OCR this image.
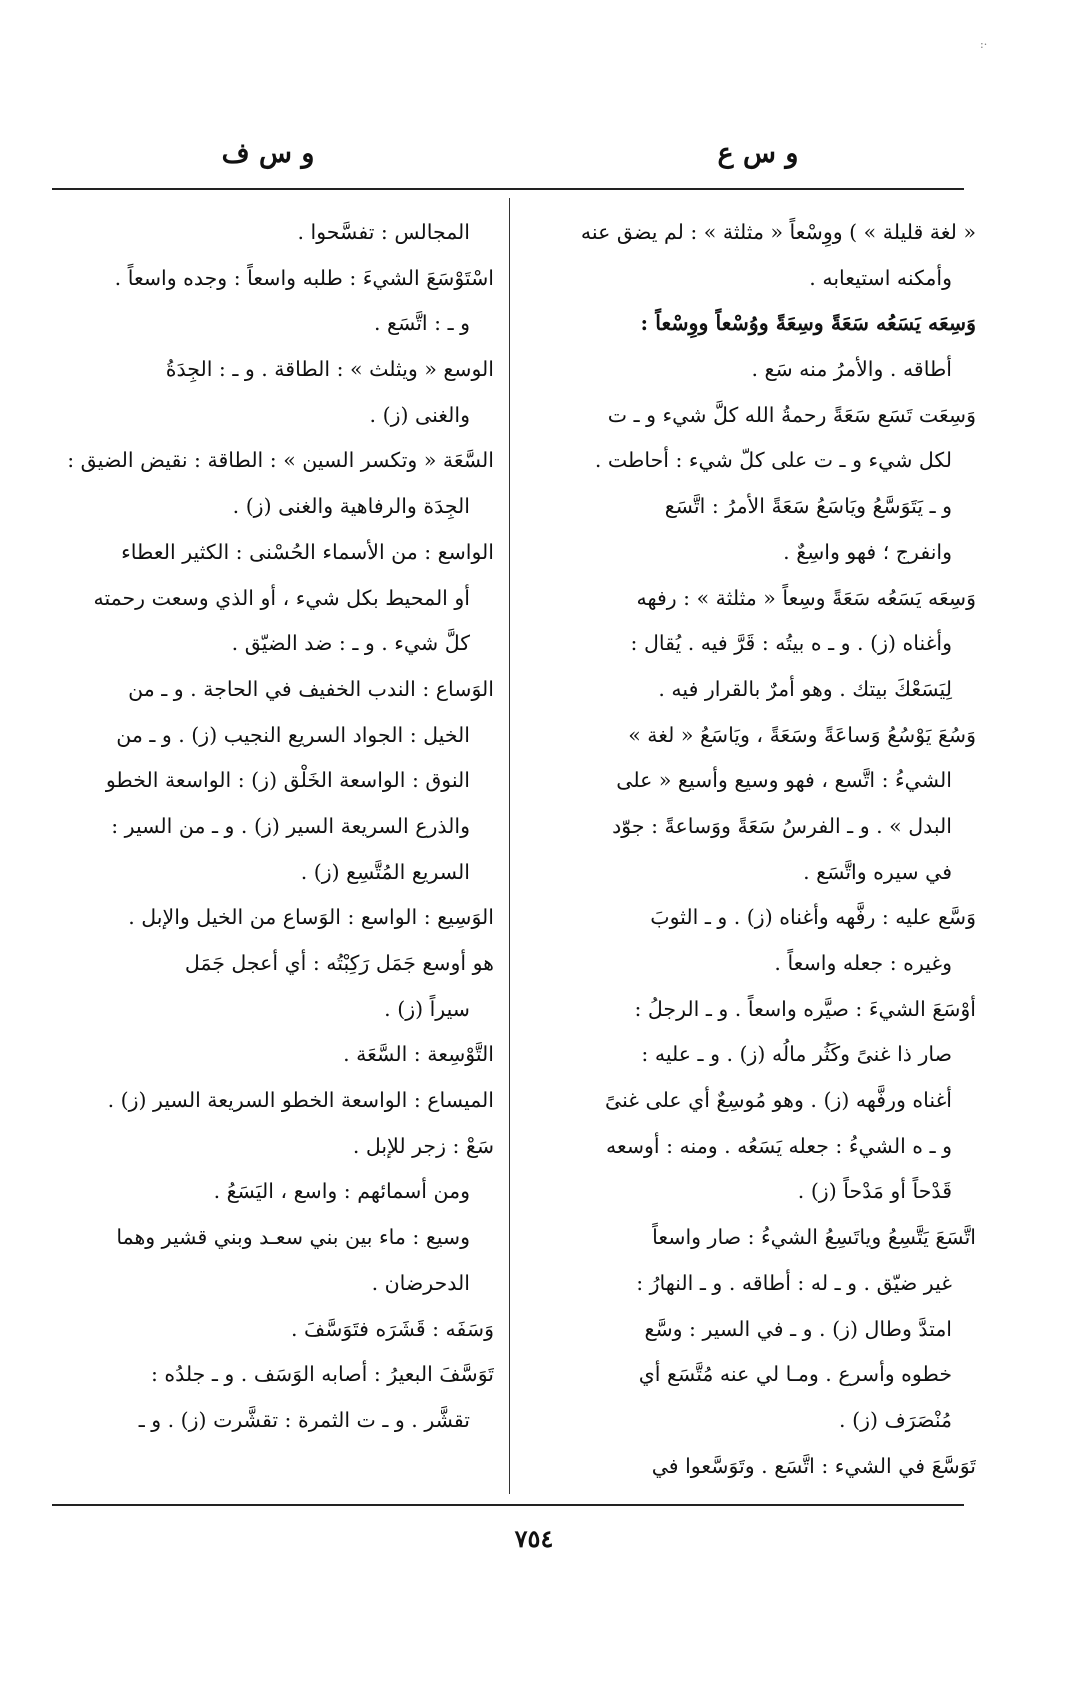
·:
و س ع
و س ف
« لغة قليلة » ) ووِسْعاً « مثلثة » : لم يضق عنه
وأمكنه استيعابه .
وَسِعَه يَسَعُه سَعَةً وسِعَةً ووُسْعاً ووِسْعاً :
أطاقه . والأمرُ منه سَع .
وَسِعَت تَسَع سَعَةً رحمةُ الله كلَّ شيء و ـ ت
لكل شيء و ـ ت على كلّ شيء : أحاطت .
و ـ يَتَوَسَّعُ ويَاسَعُ سَعَةً الأمرُ : اتَّسَع
وانفرج ؛ فهو واسِعٌ .
وَسِعَه يَسَعُه سَعَةً وسِعاً « مثلثة » : رفهه
وأغناه (ز) . و ـ ه بيتُه : قَرَّ فيه . يُقال :
لِيَسَعْكَ بيتك . وهو أمرٌ بالقرار فيه .
وَسُعَ يَوْسُعُ وَساعَةً وسَعَةً ، ويَاسَعُ « لغة »
الشيءُ : اتَّسع ، فهو وسيع وأسيع « على
البدل » . و ـ الفرسُ سَعَةً ووَساعةً : جوّد
في سيره واتَّسَع .
وَسَّع عليه : رفَّهه وأغناه (ز) . و ـ الثوبَ
وغيره : جعله واسعاً .
أوْسَعَ الشيءَ : صيَّره واسعاً . و ـ الرجلُ :
صار ذا غنىً وكَثُر مالُه (ز) . و ـ عليه :
أغناه ورفَّهه (ز) . وهو مُوسِعٌ أي على غنىً
و ـ ه الشيءُ : جعله يَسَعُه . ومنه : أوسعه
قَدْحاً أو مَدْحاً (ز) .
اتَّسَعَ يَتَّسِعُ وياتَسِعُ الشيءُ : صار واسعاً
غير ضيّق . و ـ له : أطاقه . و ـ النهارُ :
امتدَّ وطال (ز) . و ـ في السير : وسَّع
خطوه وأسرع . ومـا لي عنه مُتَّسَع أي
مُنْصَرَف (ز) .
تَوَسَّعَ في الشيء : اتَّسَع . وتَوَسَّعوا في
المجالس : تفسَّحوا .
اسْتَوْسَعَ الشيءَ : طلبه واسعاً : وجده واسعاً .
و ـ : اتَّسَع .
الوسع « ويثلث » : الطاقة . و ـ : الجِدَةُ
والغنى (ز) .
السَّعَة « وتكسر السين » : الطاقة : نقيض الضيق :
الجِدَة والرفاهية والغنى (ز) .
الواسع : من الأسماء الحُسْنى : الكثير العطاء
أو المحيط بكل شيء ، أو الذي وسعت رحمته
كلَّ شيء . و ـ : ضد الضيّق .
الوَساع : الندب الخفيف في الحاجة . و ـ من
الخيل : الجواد السريع النجيب (ز) . و ـ من
النوق : الواسعة الخَلْق (ز) : الواسعة الخطو
والذرع السريعة السير (ز) . و ـ من السير :
السريع المُتَّسِع (ز) .
الوَسِيع : الواسع : الوَساع من الخيل والإبل .
هو أوسع جَمَل رَكِبْتُه : أي أعجل جَمَل
سيراً (ز) .
التَّوْسِعة : السَّعَة .
الميساع : الواسعة الخطو السريعة السير (ز) .
سَعْ : زجر للإبل .
ومن أسمائهم : واسع ، اليَسَعُ .
وسيع : ماء بين بني سعـد وبني قشير وهما
الدحرضان .
وَسَفَه : قَشَرَه فتَوَسَّفَ .
تَوَسَّفَ البعيرُ : أصابه الوَسَف . و ـ جلدُه :
تقشَّر . و ـ ت الثمرة : تقشَّرت (ز) . و ـ
٧٥٤
